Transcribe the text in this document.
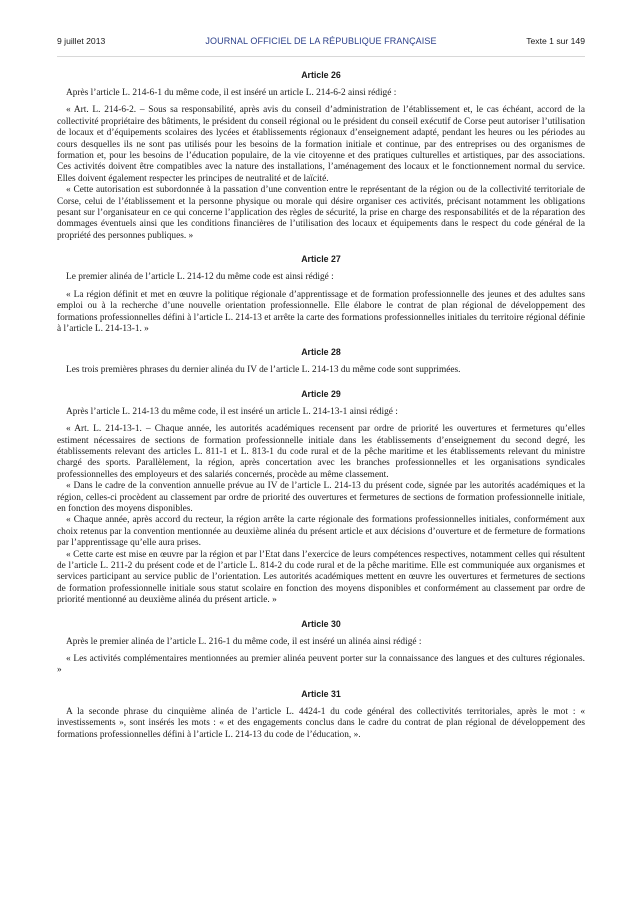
9 juillet 2013	JOURNAL OFFICIEL DE LA RÉPUBLIQUE FRANÇAISE	Texte 1 sur 149
Article 26

Après l’article L. 214-6-1 du même code, il est inséré un article L. 214-6-2 ainsi rédigé :

« Art. L. 214-6-2. – Sous sa responsabilité, après avis du conseil d’administration de l’établissement et, le cas échéant, accord de la collectivité propriétaire des bâtiments, le président du conseil régional ou le président du conseil exécutif de Corse peut autoriser l’utilisation de locaux et d’équipements scolaires des lycées et établissements régionaux d’enseignement adapté, pendant les heures ou les périodes au cours desquelles ils ne sont pas utilisés pour les besoins de la formation initiale et continue, par des entreprises ou des organismes de formation et, pour les besoins de l’éducation populaire, de la vie citoyenne et des pratiques culturelles et artistiques, par des associations. Ces activités doivent être compatibles avec la nature des installations, l’aménagement des locaux et le fonctionnement normal du service. Elles doivent également respecter les principes de neutralité et de laïcité.

« Cette autorisation est subordonnée à la passation d’une convention entre le représentant de la région ou de la collectivité territoriale de Corse, celui de l’établissement et la personne physique ou morale qui désire organiser ces activités, précisant notamment les obligations pesant sur l’organisateur en ce qui concerne l’application des règles de sécurité, la prise en charge des responsabilités et de la réparation des dommages éventuels ainsi que les conditions financières de l’utilisation des locaux et équipements dans le respect du code général de la propriété des personnes publiques. »

Article 27

Le premier alinéa de l’article L. 214-12 du même code est ainsi rédigé :

« La région définit et met en œuvre la politique régionale d’apprentissage et de formation professionnelle des jeunes et des adultes sans emploi ou à la recherche d’une nouvelle orientation professionnelle. Elle élabore le contrat de plan régional de développement des formations professionnelles défini à l’article L. 214-13 et arrête la carte des formations professionnelles initiales du territoire régional définie à l’article L. 214-13-1. »

Article 28

Les trois premières phrases du dernier alinéa du IV de l’article L. 214-13 du même code sont supprimées.

Article 29

Après l’article L. 214-13 du même code, il est inséré un article L. 214-13-1 ainsi rédigé :

« Art. L. 214-13-1. – Chaque année, les autorités académiques recensent par ordre de priorité les ouvertures et fermetures qu’elles estiment nécessaires de sections de formation professionnelle initiale dans les établissements d’enseignement du second degré, les établissements relevant des articles L. 811-1 et L. 813-1 du code rural et de la pêche maritime et les établissements relevant du ministre chargé des sports. Parallèlement, la région, après concertation avec les branches professionnelles et les organisations syndicales professionnelles des employeurs et des salariés concernés, procède au même classement.

« Dans le cadre de la convention annuelle prévue au IV de l’article L. 214-13 du présent code, signée par les autorités académiques et la région, celles-ci procèdent au classement par ordre de priorité des ouvertures et fermetures de sections de formation professionnelle initiale, en fonction des moyens disponibles.

« Chaque année, après accord du recteur, la région arrête la carte régionale des formations professionnelles initiales, conformément aux choix retenus par la convention mentionnée au deuxième alinéa du présent article et aux décisions d’ouverture et de fermeture de formations par l’apprentissage qu’elle aura prises.

« Cette carte est mise en œuvre par la région et par l’Etat dans l’exercice de leurs compétences respectives, notamment celles qui résultent de l’article L. 211-2 du présent code et de l’article L. 814-2 du code rural et de la pêche maritime. Elle est communiquée aux organismes et services participant au service public de l’orientation. Les autorités académiques mettent en œuvre les ouvertures et fermetures de sections de formation professionnelle initiale sous statut scolaire en fonction des moyens disponibles et conformément au classement par ordre de priorité mentionné au deuxième alinéa du présent article. »

Article 30

Après le premier alinéa de l’article L. 216-1 du même code, il est inséré un alinéa ainsi rédigé :

« Les activités complémentaires mentionnées au premier alinéa peuvent porter sur la connaissance des langues et des cultures régionales. »

Article 31

A la seconde phrase du cinquième alinéa de l’article L. 4424-1 du code général des collectivités territoriales, après le mot : « investissements », sont insérés les mots : « et des engagements conclus dans le cadre du contrat de plan régional de développement des formations professionnelles défini à l’article L. 214-13 du code de l’éducation, ».
